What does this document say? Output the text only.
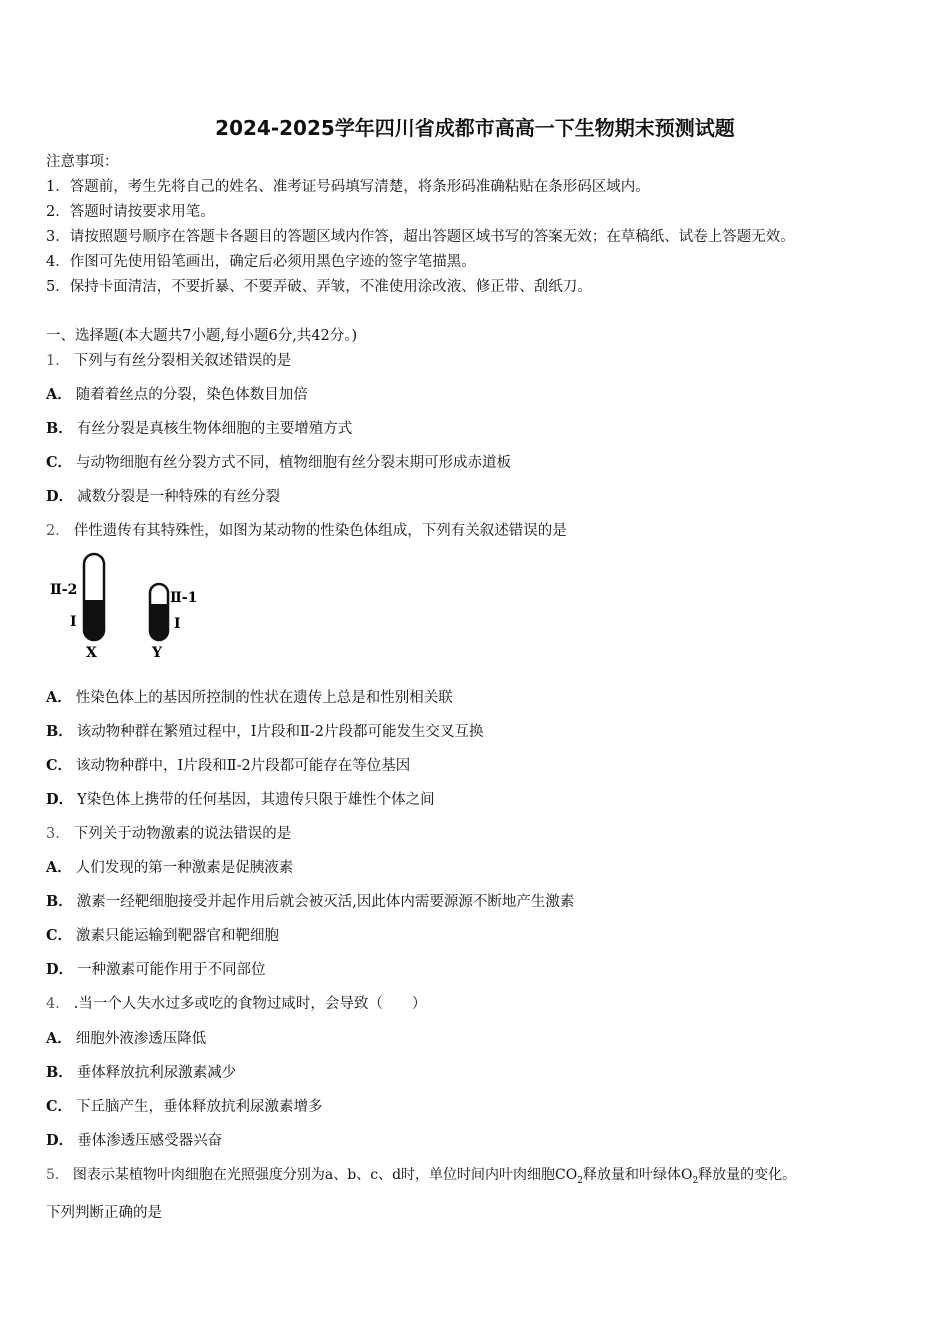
2024-2025学年四川省成都市高高一下生物期末预测试题
注意事项：
1．答题前，考生先将自己的姓名、准考证号码填写清楚，将条形码准确粘贴在条形码区域内。
2．答题时请按要求用笔。
3．请按照题号顺序在答题卡各题目的答题区域内作答，超出答题区域书写的答案无效；在草稿纸、试卷上答题无效。
4．作图可先使用铅笔画出，确定后必须用黑色字迹的签字笔描黑。
5．保持卡面清洁，不要折暴、不要弄破、弄皱，不准使用涂改液、修正带、刮纸刀。
一、选择题(本大题共7小题,每小题6分,共42分。)
1． 下列与有丝分裂相关叙述错误的是
A． 随着着丝点的分裂，染色体数目加倍
B． 有丝分裂是真核生物体细胞的主要增殖方式
C． 与动物细胞有丝分裂方式不同，植物细胞有丝分裂末期可形成赤道板
D． 减数分裂是一种特殊的有丝分裂
2． 伴性遗传有其特殊性，如图为某动物的性染色体组成，下列有关叙述错误的是
Ⅱ-2
Ⅰ
Ⅱ-1
Ⅰ
X	Y
A． 性染色体上的基因所控制的性状在遗传上总是和性别相关联
B． 该动物种群在繁殖过程中，Ⅰ片段和Ⅱ-2片段都可能发生交叉互换
C． 该动物种群中，Ⅰ片段和Ⅱ-2片段都可能存在等位基因
D． Y染色体上携带的任何基因，其遗传只限于雄性个体之间
3． 下列关于动物激素的说法错误的是
A． 人们发现的第一种激素是促胰液素
B． 激素一经靶细胞接受并起作用后就会被灭活,因此体内需要源源不断地产生激素
C． 激素只能运输到靶器官和靶细胞
D． 一种激素可能作用于不同部位
4． .当一个人失水过多或吃的食物过咸时，会导致（　　）
A． 细胞外液渗透压降低
B． 垂体释放抗利尿激素减少
C． 下丘脑产生，垂体释放抗利尿激素增多
D． 垂体渗透压感受器兴奋
5． 图表示某植物叶肉细胞在光照强度分别为a、b、c、d时，单位时间内叶肉细胞$CO_2$释放量和叶绿体$O_2$释放量的变化。
下列判断正确的是
